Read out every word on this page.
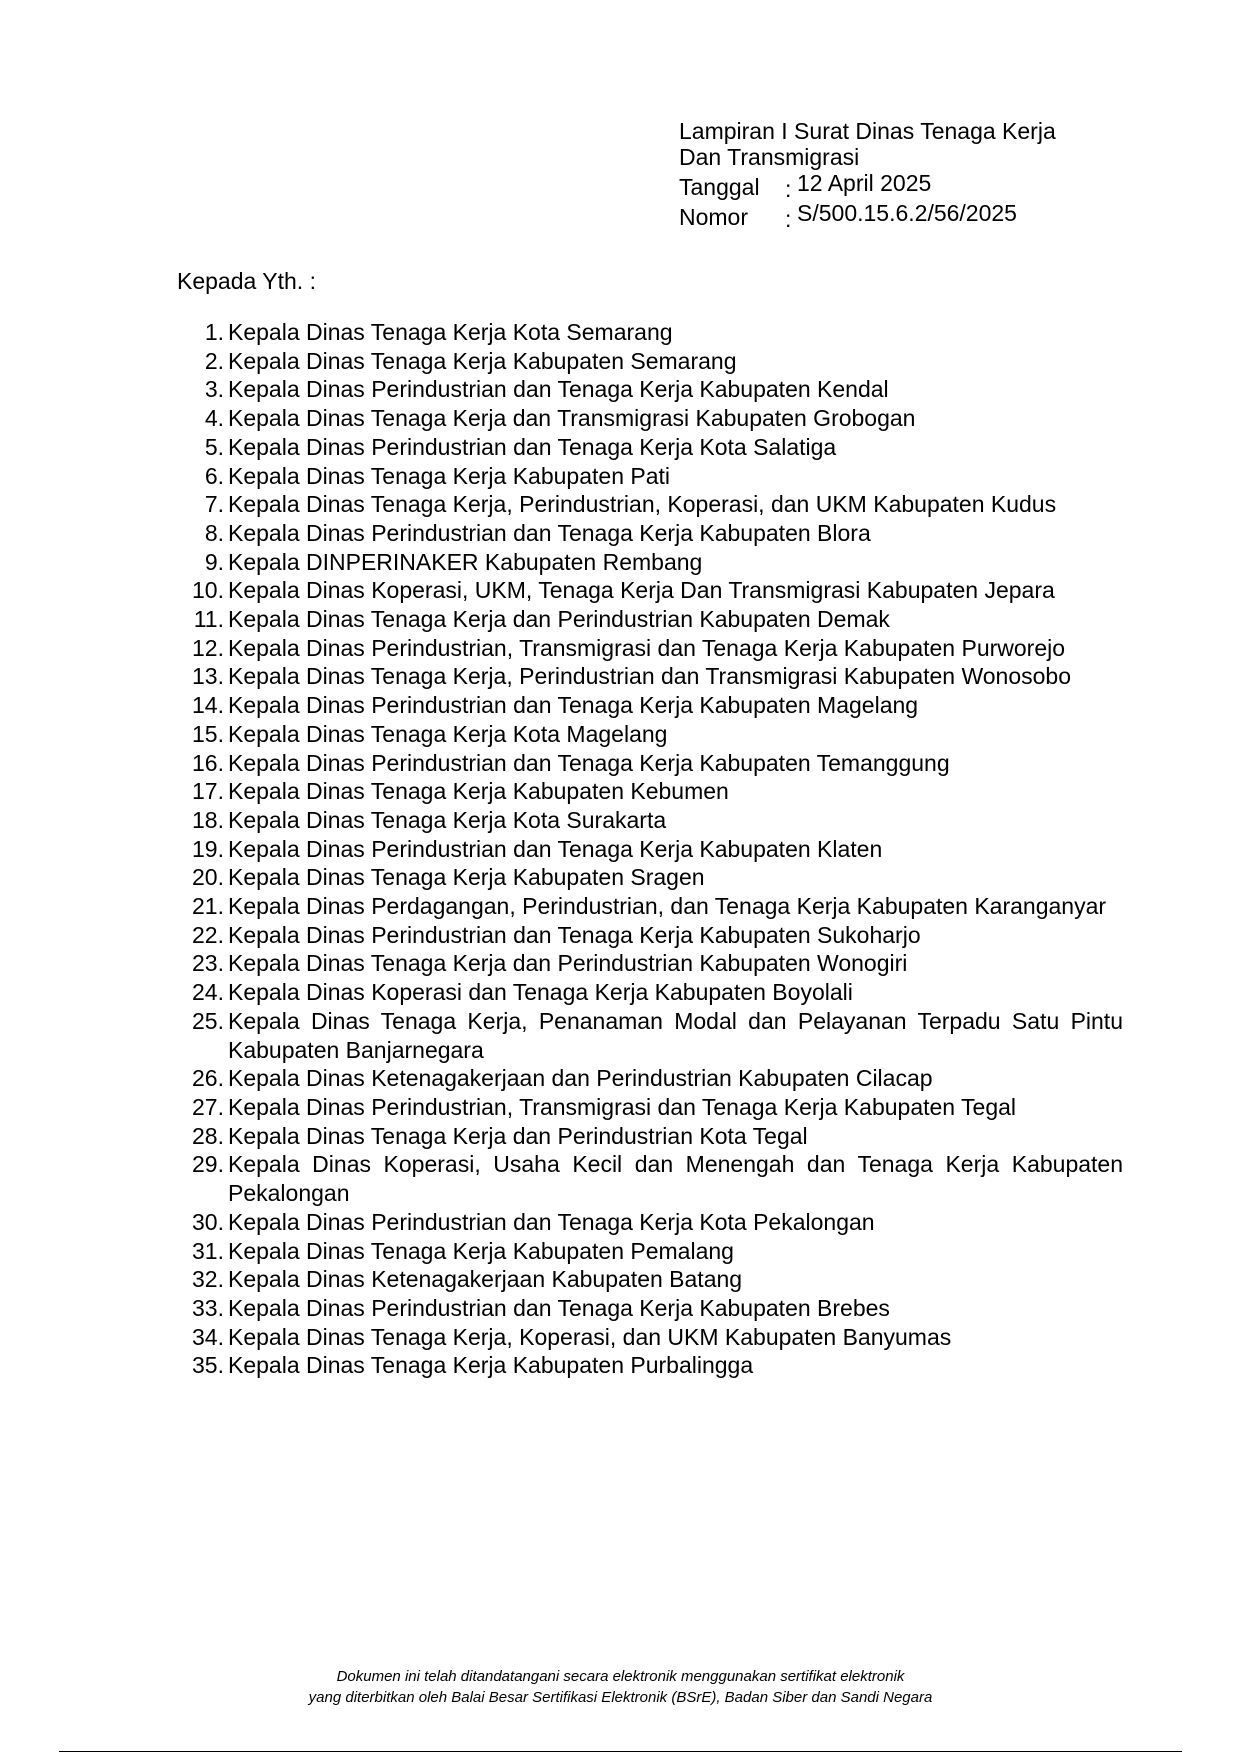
Lampiran I Surat Dinas Tenaga Kerja

Dan Transmigrasi

Tanggal	: 12 April 2025
Nomor	: S/500.15.6.2/56/2025
Kepada Yth. :
1. Kepala Dinas Tenaga Kerja Kota Semarang
2. Kepala Dinas Tenaga Kerja Kabupaten Semarang
3. Kepala Dinas Perindustrian dan Tenaga Kerja Kabupaten Kendal
4. Kepala Dinas Tenaga Kerja dan Transmigrasi Kabupaten Grobogan
5. Kepala Dinas Perindustrian dan Tenaga Kerja Kota Salatiga
6. Kepala Dinas Tenaga Kerja Kabupaten Pati
7. Kepala Dinas Tenaga Kerja, Perindustrian, Koperasi, dan UKM Kabupaten Kudus
8. Kepala Dinas Perindustrian dan Tenaga Kerja Kabupaten Blora
9. Kepala DINPERINAKER Kabupaten Rembang
10. Kepala Dinas Koperasi, UKM, Tenaga Kerja Dan Transmigrasi Kabupaten Jepara
11. Kepala Dinas Tenaga Kerja dan Perindustrian Kabupaten Demak
12. Kepala Dinas Perindustrian, Transmigrasi dan Tenaga Kerja Kabupaten Purworejo
13. Kepala Dinas Tenaga Kerja, Perindustrian dan Transmigrasi Kabupaten Wonosobo
14. Kepala Dinas Perindustrian dan Tenaga Kerja Kabupaten Magelang
15. Kepala Dinas Tenaga Kerja Kota Magelang
16. Kepala Dinas Perindustrian dan Tenaga Kerja Kabupaten Temanggung
17. Kepala Dinas Tenaga Kerja Kabupaten Kebumen
18. Kepala Dinas Tenaga Kerja Kota Surakarta
19. Kepala Dinas Perindustrian dan Tenaga Kerja Kabupaten Klaten
20. Kepala Dinas Tenaga Kerja Kabupaten Sragen
21. Kepala Dinas Perdagangan, Perindustrian, dan Tenaga Kerja Kabupaten Karanganyar
22. Kepala Dinas Perindustrian dan Tenaga Kerja Kabupaten Sukoharjo
23. Kepala Dinas Tenaga Kerja dan Perindustrian Kabupaten Wonogiri
24. Kepala Dinas Koperasi dan Tenaga Kerja Kabupaten Boyolali
25. Kepala Dinas Tenaga Kerja, Penanaman Modal dan Pelayanan Terpadu Satu Pintu Kabupaten Banjarnegara
26. Kepala Dinas Ketenagakerjaan dan Perindustrian Kabupaten Cilacap
27. Kepala Dinas Perindustrian, Transmigrasi dan Tenaga Kerja Kabupaten Tegal
28. Kepala Dinas Tenaga Kerja dan Perindustrian Kota Tegal
29. Kepala Dinas Koperasi, Usaha Kecil dan Menengah dan Tenaga Kerja Kabupaten Pekalongan
30. Kepala Dinas Perindustrian dan Tenaga Kerja Kota Pekalongan
31. Kepala Dinas Tenaga Kerja Kabupaten Pemalang
32. Kepala Dinas Ketenagakerjaan Kabupaten Batang
33. Kepala Dinas Perindustrian dan Tenaga Kerja Kabupaten Brebes
34. Kepala Dinas Tenaga Kerja, Koperasi, dan UKM Kabupaten Banyumas
35. Kepala Dinas Tenaga Kerja Kabupaten Purbalingga
Dokumen ini telah ditandatangani secara elektronik menggunakan sertifikat elektronik
yang diterbitkan oleh Balai Besar Sertifikasi Elektronik (BSrE), Badan Siber dan Sandi Negara
